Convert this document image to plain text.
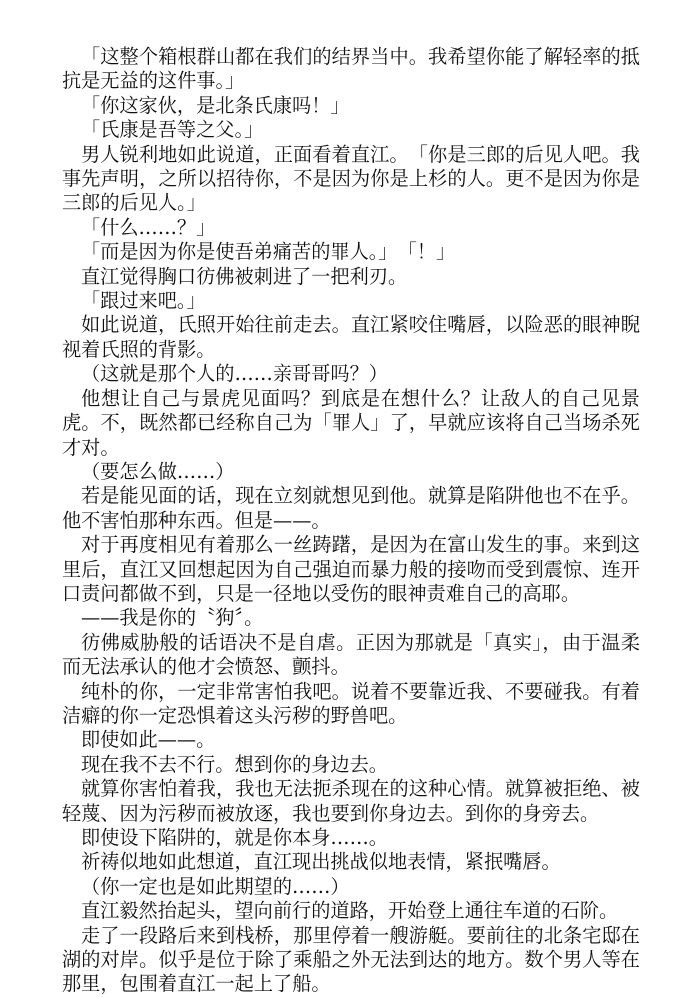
「这整个箱根群山都在我们的结界当中。我希望你能了解轻率的抵抗是无益的这件事。」

「你这家伙，是北条氏康吗！」

「氏康是吾等之父。」

男人锐利地如此说道，正面看着直江。　「你是三郎的后见人吧。我事先声明，之所以招待你，不是因为你是上杉的人。更不是因为你是三郎的后见人。」

「什么……？」

「而是因为你是使吾弟痛苦的罪人。」　「！」

直江觉得胸口彷佛被刺进了一把利刃。

「跟过来吧。」

如此说道，氏照开始往前走去。直江紧咬住嘴唇，以险恶的眼神睨视着氏照的背影。

（这就是那个人的……亲哥哥吗？）

他想让自己与景虎见面吗？到底是在想什么？让敌人的自己见景虎。不，既然都已经称自己为「罪人」了，早就应该将自己当场杀死才对。

（要怎么做……）

若是能见面的话，现在立刻就想见到他。就算是陷阱他也不在乎。他不害怕那种东西。但是——。

对于再度相见有着那么一丝踌躇，是因为在富山发生的事。来到这里后，直江又回想起因为自己强迫而暴力般的接吻而受到震惊、连开口责问都做不到，只是一径地以受伤的眼神责难自己的高耶。

——我是你的〝狗〞。

彷佛威胁般的话语决不是自虐。正因为那就是「真实」，由于温柔而无法承认的他才会愤怒、颤抖。

纯朴的你，一定非常害怕我吧。说着不要靠近我、不要碰我。有着洁癖的你一定恐惧着这头污秽的野兽吧。

即使如此——。

现在我不去不行。想到你的身边去。

就算你害怕着我，我也无法扼杀现在的这种心情。就算被拒绝、被轻蔑、因为污秽而被放逐，我也要到你身边去。到你的身旁去。

即使设下陷阱的，就是你本身……。

祈祷似地如此想道，直江现出挑战似地表情，紧抿嘴唇。

（你一定也是如此期望的……）

直江毅然抬起头，望向前行的道路，开始登上通往车道的石阶。

走了一段路后来到栈桥，那里停着一艘游艇。要前往的北条宅邸在湖的对岸。似乎是位于除了乘船之外无法到达的地方。数个男人等在那里，包围着直江一起上了船。
